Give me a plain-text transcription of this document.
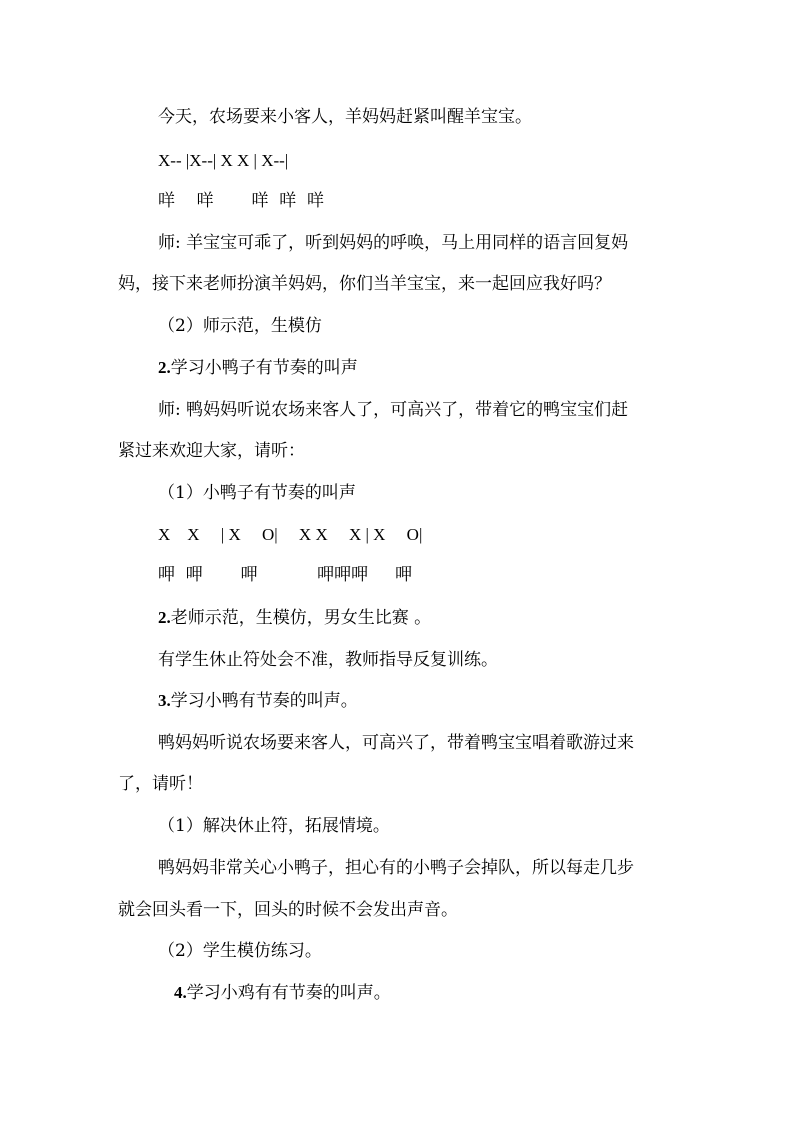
今天，农场要来小客人，羊妈妈赶紧叫醒羊宝宝。
X-- |X--| X X | X--|
咩    咩       咩  咩  咩
师: 羊宝宝可乖了，听到妈妈的呼唤，马上用同样的语言回复妈
妈，接下来老师扮演羊妈妈，你们当羊宝宝，来一起回应我好吗？
（2）师示范，生模仿
2.学习小鸭子有节奏的叫声
师: 鸭妈妈听说农场来客人了，可高兴了，带着它的鸭宝宝们赶
紧过来欢迎大家，请听：
（1）小鸭子有节奏的叫声
X    X     | X     O|     X X     X | X     O|
呷  呷       呷           呷呷呷     呷
2.老师示范，生模仿，男女生比赛 。
有学生休止符处会不准，教师指导反复训练。
3.学习小鸭有节奏的叫声。
鸭妈妈听说农场要来客人，可高兴了，带着鸭宝宝唱着歌游过来
了，请听！
（1）解决休止符，拓展情境。
鸭妈妈非常关心小鸭子，担心有的小鸭子会掉队，所以每走几步
就会回头看一下，回头的时候不会发出声音。
（2）学生模仿练习。
4.学习小鸡有有节奏的叫声。
